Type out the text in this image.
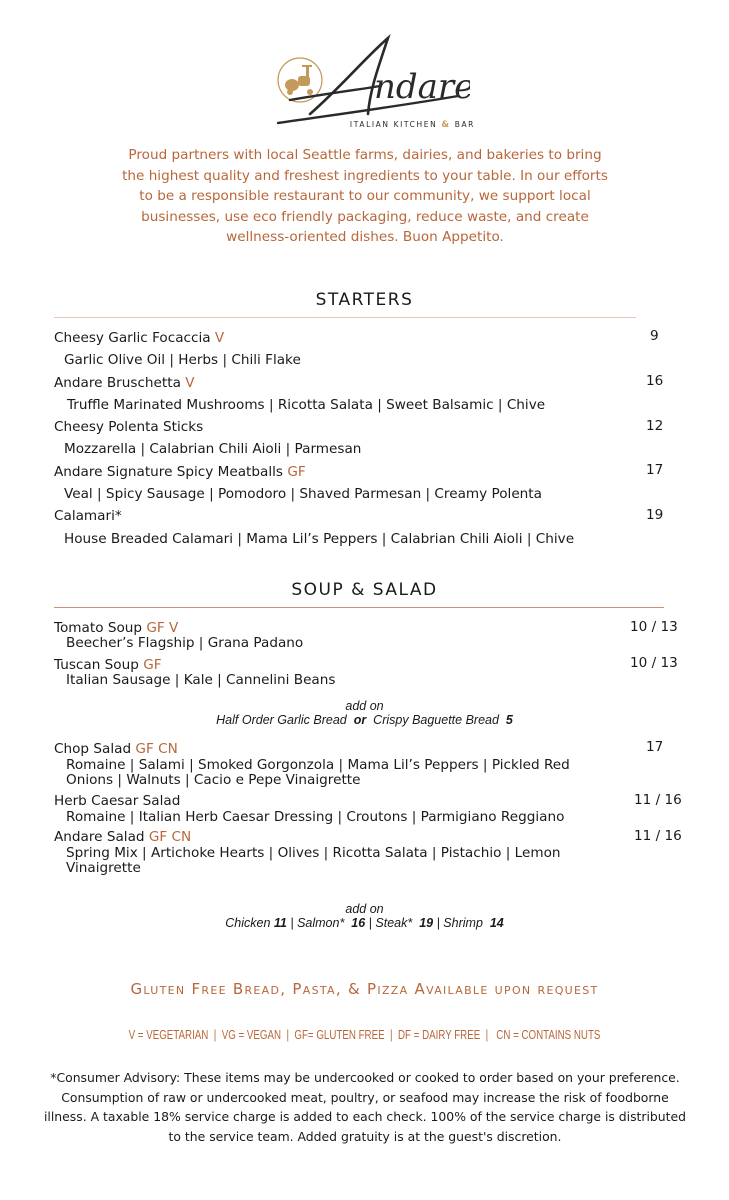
ndare
ITALIAN KITCHEN & BAR
Proud partners with local Seattle farms, dairies, and bakeries to bring the highest quality and freshest ingredients to your table. In our efforts to be a responsible restaurant to our community, we support local businesses, use eco friendly packaging, reduce waste, and create wellness-oriented dishes. Buon Appetito.
STARTERS
Cheesy Garlic Focaccia V	9
Garlic Olive Oil | Herbs | Chili Flake
Andare Bruschetta V	16
Truffle Marinated Mushrooms | Ricotta Salata | Sweet Balsamic | Chive
Cheesy Polenta Sticks	12
Mozzarella | Calabrian Chili Aioli | Parmesan
Andare Signature Spicy Meatballs GF	17
Veal | Spicy Sausage | Pomodoro | Shaved Parmesan | Creamy Polenta
Calamari*	19
House Breaded Calamari | Mama Lil’s Peppers | Calabrian Chili Aioli | Chive
SOUP & SALAD
Tomato Soup GF V	10 / 13
Beecher’s Flagship | Grana Padano
Tuscan Soup GF	10 / 13
Italian Sausage | Kale | Cannelini Beans
add on
Half Order Garlic Bread or Crispy Baguette Bread 5
Chop Salad GF CN	17
Romaine | Salami | Smoked Gorgonzola | Mama Lil’s Peppers | Pickled Red
Onions | Walnuts | Cacio e Pepe Vinaigrette
Herb Caesar Salad	11 / 16
Romaine | Italian Herb Caesar Dressing | Croutons | Parmigiano Reggiano
Andare Salad GF CN	11 / 16
Spring Mix | Artichoke Hearts | Olives | Ricotta Salata | Pistachio | Lemon
Vinaigrette
add on
Chicken 11 | Salmon* 16 | Steak* 19 | Shrimp 14
Gluten Free Bread, Pasta, & Pizza Available upon request
V = VEGETARIAN  |  VG = VEGAN  |  GF= GLUTEN FREE  |  DF = DAIRY FREE  |   CN = CONTAINS NUTS
*Consumer Advisory: These items may be undercooked or cooked to order based on your preference. Consumption of raw or undercooked meat, poultry, or seafood may increase the risk of foodborne illness. A taxable 18% service charge is added to each check. 100% of the service charge is distributed to the service team. Added gratuity is at the guest's discretion.
